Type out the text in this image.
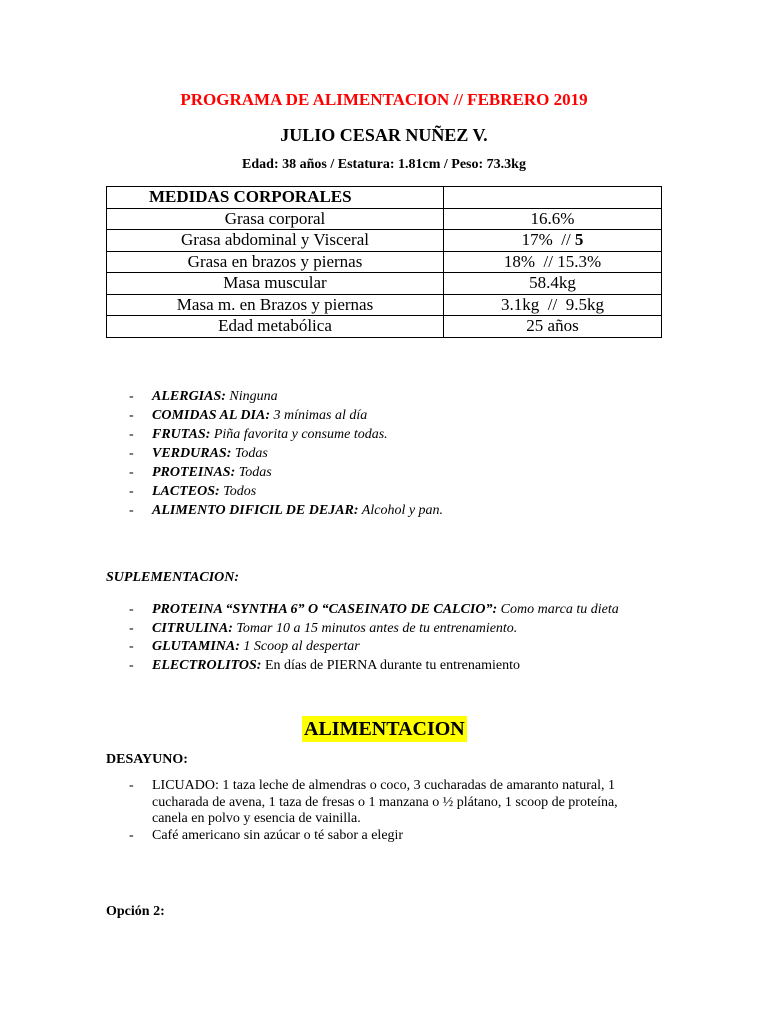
PROGRAMA DE ALIMENTACION // FEBRERO 2019
JULIO CESAR NUÑEZ V.
Edad: 38 años / Estatura: 1.81cm / Peso: 73.3kg
MEDIDAS CORPORALES	
Grasa corporal	16.6%
Grasa abdominal y Visceral	17%  // 5
Grasa en brazos y piernas	18%  // 15.3%
Masa muscular	58.4kg
Masa m. en Brazos y piernas	3.1kg  //  9.5kg
Edad metabólica	25 años
- ALERGIAS: Ninguna
- COMIDAS AL DIA: 3 mínimas al día
- FRUTAS: Piña favorita y consume todas.
- VERDURAS: Todas
- PROTEINAS: Todas
- LACTEOS: Todos
- ALIMENTO DIFICIL DE DEJAR: Alcohol y pan.
SUPLEMENTACION:
- PROTEINA “SYNTHA 6” O “CASEINATO DE CALCIO”: Como marca tu dieta
- CITRULINA: Tomar 10 a 15 minutos antes de tu entrenamiento.
- GLUTAMINA: 1 Scoop al despertar
- ELECTROLITOS: En días de PIERNA durante tu entrenamiento
ALIMENTACION
DESAYUNO:
- LICUADO: 1 taza leche de almendras o coco, 3 cucharadas de amaranto natural, 1 cucharada de avena, 1 taza de fresas o 1 manzana o ½ plátano, 1 scoop de proteína, canela en polvo y esencia de vainilla.
- Café americano sin azúcar o té sabor a elegir
Opción 2:
